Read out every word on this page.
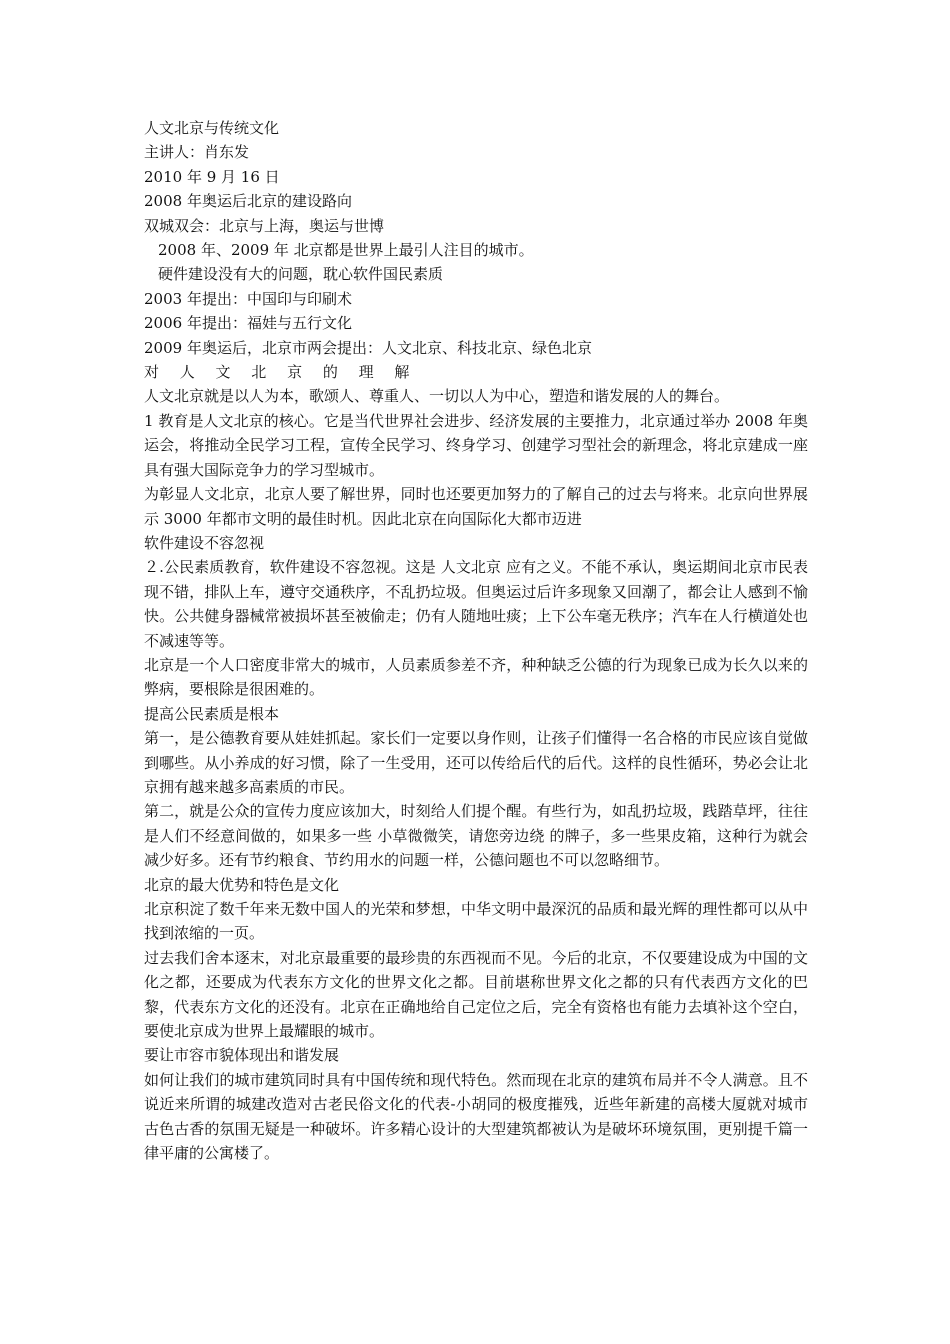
人文北京与传统文化
主讲人：肖东发
2010 年 9 月 16 日
2008 年奥运后北京的建设路向
双城双会：北京与上海，奥运与世博
2008 年、2009 年 北京都是世界上最引人注目的城市。
硬件建设没有大的问题，耽心软件国民素质
2003 年提出：中国印与印刷术
2006 年提出：福娃与五行文化
2009 年奥运后，北京市两会提出：人文北京、科技北京、绿色北京
对 人 文 北 京 的 理 解

人文北京就是以人为本，歌颂人、尊重人、一切以人为中心，塑造和谐发展的人的舞台。

1 教育是人文北京的核心。它是当代世界社会进步、经济发展的主要推力，北京通过举办 2008 年奥运会，将推动全民学习工程，宣传全民学习、终身学习、创建学习型社会的新理念，将北京建成一座具有强大国际竞争力的学习型城市。

为彰显人文北京，北京人要了解世界，同时也还要更加努力的了解自己的过去与将来。北京向世界展示 3000 年都市文明的最佳时机。因此北京在向国际化大都市迈进

软件建设不容忽视

２.公民素质教育，软件建设不容忽视。这是 人文北京 应有之义。不能不承认，奥运期间北京市民表现不错，排队上车，遵守交通秩序，不乱扔垃圾。但奥运过后许多现象又回潮了，都会让人感到不愉快。公共健身器械常被损坏甚至被偷走；仍有人随地吐痰；上下公车毫无秩序；汽车在人行横道处也不减速等等。

北京是一个人口密度非常大的城市，人员素质参差不齐，种种缺乏公德的行为现象已成为长久以来的弊病，要根除是很困难的。

提高公民素质是根本

第一，是公德教育要从娃娃抓起。家长们一定要以身作则，让孩子们懂得一名合格的市民应该自觉做到哪些。从小养成的好习惯，除了一生受用，还可以传给后代的后代。这样的良性循环，势必会让北京拥有越来越多高素质的市民。

第二，就是公众的宣传力度应该加大，时刻给人们提个醒。有些行为，如乱扔垃圾，践踏草坪，往往是人们不经意间做的，如果多一些 小草微微笑，请您旁边绕 的牌子，多一些果皮箱，这种行为就会减少好多。还有节约粮食、节约用水的问题一样，公德问题也不可以忽略细节。

北京的最大优势和特色是文化

北京积淀了数千年来无数中国人的光荣和梦想，中华文明中最深沉的品质和最光辉的理性都可以从中找到浓缩的一页。

过去我们舍本逐末，对北京最重要的最珍贵的东西视而不见。今后的北京，不仅要建设成为中国的文化之都，还要成为代表东方文化的世界文化之都。目前堪称世界文化之都的只有代表西方文化的巴黎，代表东方文化的还没有。北京在正确地给自己定位之后，完全有资格也有能力去填补这个空白，要使北京成为世界上最耀眼的城市。

要让市容市貌体现出和谐发展

如何让我们的城市建筑同时具有中国传统和现代特色。然而现在北京的建筑布局并不令人满意。且不说近来所谓的城建改造对古老民俗文化的代表-小胡同的极度摧残，近些年新建的高楼大厦就对城市古色古香的氛围无疑是一种破坏。许多精心设计的大型建筑都被认为是破坏环境氛围，更别提千篇一律平庸的公寓楼了。
